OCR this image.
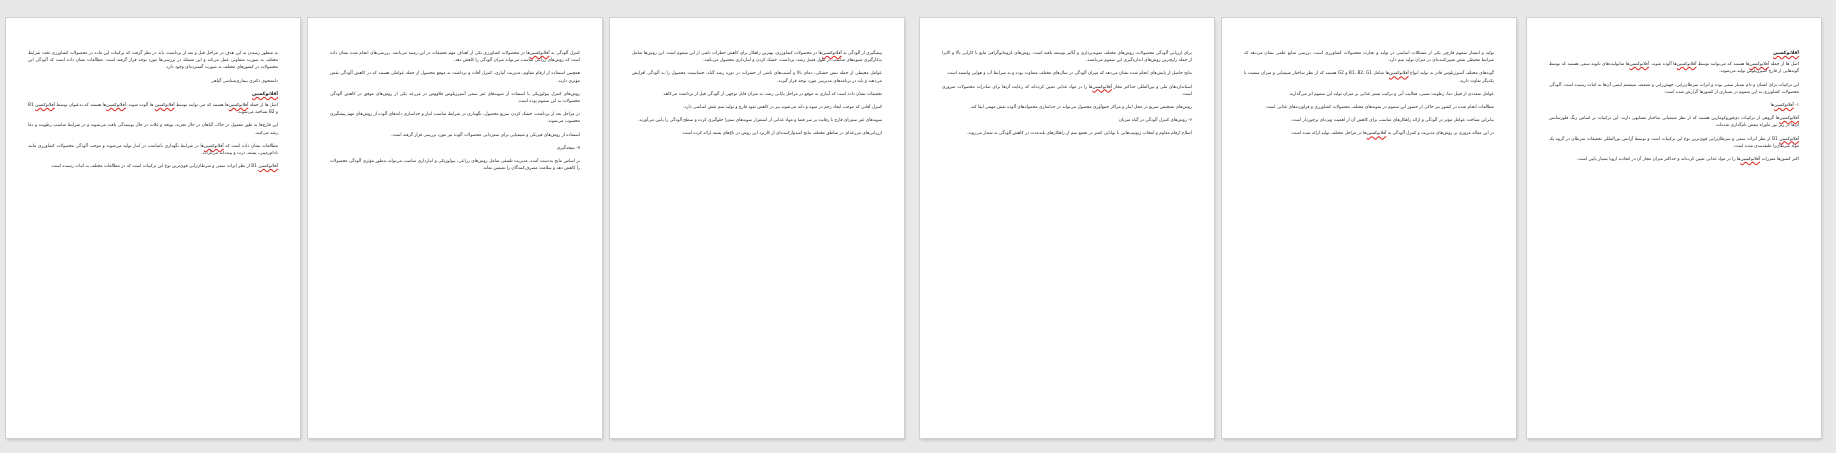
به منظور رسیدن به این هدف در مراحل قبل و بعد از برداشت، باید در نظر گرفت که ترکیبات این ماده در محصولات کشاورزی تحت شرایط مختلف به صورت متفاوتی عمل می‌کند و این مسئله در بررسی‌ها مورد توجه قرار گرفته است. مطالعات نشان داده است که آلودگی این محصولات در کشورهای مختلف به صورت گسترده‌ای وجود دارد.

دانشجوی دکتری بیماری‌شناسی گیاهی

آفلاتوکسین

اصل ها از جمله آفلاتوکسین‌ها هستند که می توانند توسط آفلاتوکسین ها آلوده شوند. آفلاتوکسین‌ها هستند که به‌عنوان توسط آفلاتوکسین B1 و B2 شناخته می‌شوند.

این قارچ‌ها به طور معمول در خاک، گیاهان در حال تجزیه، یونجه و غلات در حال پوسیدگی یافت می‌شوند و در شرایط مناسب رطوبت و دما رشد می‌کنند.

مطالعات نشان داده است که آفلاتوکسین‌ها در شرایط نگهداری نامناسب در انبار تولید می‌شوند و موجب آلودگی محصولات کشاورزی مانند بادام‌زمینی، پسته، ذرت و پنبه‌دانه می‌گردند.

آفلاتوکسین B1 از نظر اثرات سمی و سرطان‌زایی قوی‌ترین نوع این ترکیبات است که در مطالعات مختلف به اثبات رسیده است.

کنترل آلودگی به آفلاتوکسین‌ها در محصولات کشاورزی یکی از اهداف مهم تحقیقات در این زمینه می‌باشد. بررسی‌های انجام شده نشان داده است که روش‌های زراعی مناسب می‌تواند میزان آلودگی را کاهش دهد.

همچنین استفاده از ارقام مقاوم، مدیریت آبیاری، کنترل آفات و برداشت به موقع محصول از جمله عواملی هستند که در کاهش آلودگی نقش مؤثری دارند.

روش‌های کنترل بیولوژیکی با استفاده از سویه‌های غیر سمی آسپرژیلوس فلاووس در مزرعه یکی از روش‌های موفق در کاهش آلودگی محصولات به این سموم بوده است.

در مراحل بعد از برداشت، خشک کردن سریع محصول، نگهداری در شرایط مناسب انبار و جداسازی دانه‌های آلوده از روش‌های مهم پیشگیری محسوب می‌شوند.

استفاده از روش‌های فیزیکی و شیمیایی برای سم‌زدایی محصولات آلوده نیز مورد بررسی قرار گرفته است.

۷- نتیجه‌گیری

بر اساس نتایج به‌دست آمده، مدیریت تلفیقی شامل روش‌های زراعی، بیولوژیکی و انبارداری مناسب می‌تواند به‌طور مؤثری آلودگی محصولات را کاهش دهد و سلامت مصرف‌کنندگان را تضمین نماید.

پیشگیری از آلودگی به آفلاتوکسین‌ها در محصولات کشاورزی، بهترین راهکار برای کاهش خطرات ناشی از این سموم است. این روش‌ها شامل به‌کارگیری شیوه‌های مناسب در طول فصل رشد، برداشت، خشک کردن و انبارداری محصول می‌باشد.

عوامل محیطی از جمله تنش خشکی، دمای بالا و آسیب‌های ناشی از حشرات در دوره رشد گیاه، حساسیت محصول را به آلودگی افزایش می‌دهند و باید در برنامه‌های مدیریتی مورد توجه قرار گیرند.

تحقیقات نشان داده است که آبیاری به موقع در مراحل پایانی رشد، به میزان قابل توجهی از آلودگی قبل از برداشت می‌کاهد.

کنترل آفاتی که موجب ایجاد زخم در میوه و دانه می‌شوند نیز در کاهش نفوذ قارچ و تولید سم نقش اساسی دارد.

سویه‌های غیر سم‌زای قارچ با رقابت بر سر فضا و مواد غذایی از استقرار سویه‌های سم‌زا جلوگیری کرده و سطح آلودگی را پایین می‌آورند.

ارزیابی‌های مزرعه‌ای در مناطق مختلف نتایج امیدوارکننده‌ای از کاربرد این روش در باغ‌های پسته ارائه کرده است.

برای ارزیابی آلودگی محصولات، روش‌های مختلف نمونه‌برداری و آنالیز توسعه یافته است. روش‌های کروماتوگرافی مایع با کارایی بالا و الایزا از جمله رایج‌ترین روش‌های اندازه‌گیری این سموم می‌باشند.

نتایج حاصل از پایش‌های انجام شده نشان می‌دهد که میزان آلودگی در سال‌های مختلف متفاوت بوده و به شرایط آب و هوایی وابسته است.

استانداردهای ملی و بین‌المللی حداکثر مجاز آفلاتوکسین‌ها را در مواد غذایی تعیین کرده‌اند که رعایت آن‌ها برای صادرات محصولات ضروری است.

روش‌های تشخیص سریع در محل انبار و مراکز جمع‌آوری محصول می‌تواند در جداسازی محموله‌های آلوده نقش مهمی ایفا کند.

۶- روش‌های کنترل آلودگی در گیاه میزبان

اصلاح ارقام مقاوم و انتخاب ژنوتیپ‌هایی با توانایی کمتر در تجمع سم از راهکارهای بلندمدت در کاهش آلودگی به شمار می‌روند.

تولید و انتشار سموم قارچی یکی از مشکلات اساسی در تولید و تجارت محصولات کشاورزی است. بررسی منابع علمی نشان می‌دهد که شرایط محیطی نقش تعیین‌کننده‌ای در میزان تولید سم دارد.

گونه‌های مختلف آسپرژیلوس قادر به تولید انواع آفلاتوکسین‌ها شامل B1، B2، G1 و G2 هستند که از نظر ساختار شیمیایی و میزان سمیت با یکدیگر تفاوت دارند.

عوامل متعددی از قبیل دما، رطوبت نسبی، فعالیت آبی و ترکیب بستر غذایی بر میزان تولید این سموم اثر می‌گذارند.

مطالعات انجام شده در کشور نیز حاکی از حضور این سموم در نمونه‌های مختلف محصولات کشاورزی و فراورده‌های غذایی است.

بنابراین شناخت عوامل مؤثر در آلودگی و ارائه راهکارهای مناسب برای کاهش آن از اهمیت ویژه‌ای برخوردار است.

در این مقاله مروری بر روش‌های مدیریت و کنترل آلودگی به آفلاتوکسین‌ها در مراحل مختلف تولید ارائه شده است.

آفلاتوکسین

اصل ها از جمله آفلاتوکسین‌ها هستند که می‌توانند توسط آفلاتوکسین‌ها آلوده شوند. آفلاتوکسین‌ها متابولیت‌های ثانویه سمی هستند که توسط گونه‌هایی از قارچ آسپرژیلوس تولید می‌شوند.

این ترکیبات برای انسان و دام بسیار سمی بوده و اثرات سرطان‌زایی، جهش‌زایی و تضعیف سیستم ایمنی آن‌ها به اثبات رسیده است. آلودگی محصولات کشاورزی به این سموم در بسیاری از کشورها گزارش شده است.

۱- آفلاتوکسین‌ها

آفلاتوکسین‌ها گروهی از ترکیبات دی‌فوروکومارین هستند که از نظر شیمیایی ساختار مشابهی دارند. این ترکیبات بر اساس رنگ فلورسانس آن‌ها در زیر نور ماوراء بنفش نام‌گذاری شده‌اند.

آفلاتوکسین B1 از نظر اثرات سمی و سرطان‌زایی قوی‌ترین نوع این ترکیبات است و توسط آژانس بین‌المللی تحقیقات سرطان در گروه یک مواد سرطان‌زا طبقه‌بندی شده است.

اکثر کشورها مقررات آفلاتوکسین‌ها را در مواد غذایی تعیین کرده‌اند و حداکثر میزان مجاز آن در اتحادیه اروپا بسیار پایین است.
